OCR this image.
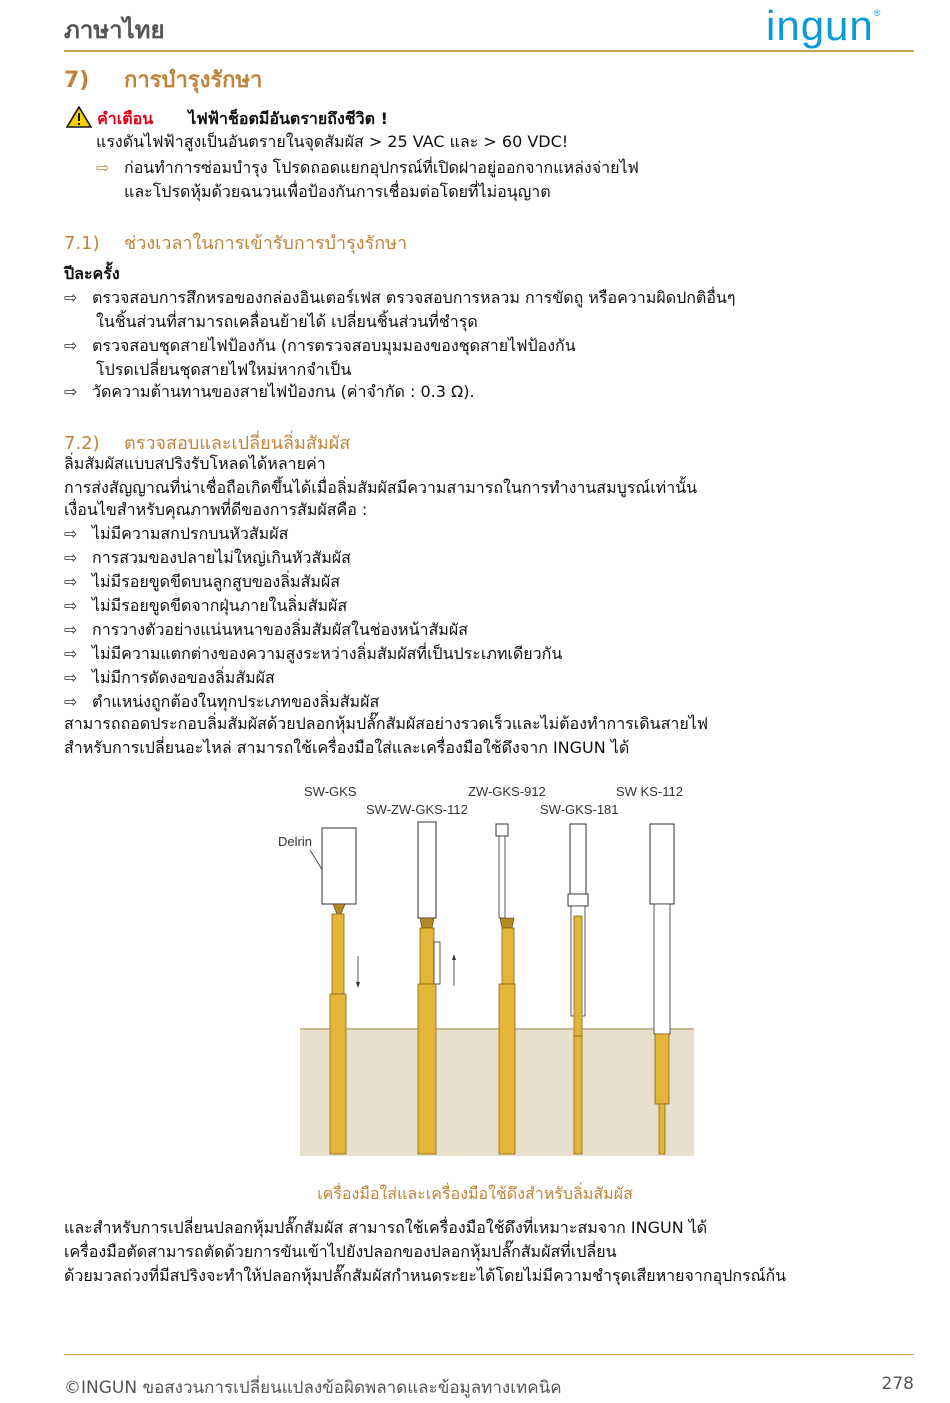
ภาษาไทย	ingun®
7) การบำรุงรักษา
คำเตือน ไฟฟ้าช็อตมีอันตรายถึงชีวิต !
แรงดันไฟฟ้าสูงเป็นอันตรายในจุดสัมผัส > 25 VAC และ > 60 VDC!
⇨ ก่อนทำการซ่อมบำรุง โปรดถอดแยกอุปกรณ์ที่เปิดฝาอยู่ออกจากแหล่งจ่ายไฟ
และโปรดหุ้มด้วยฉนวนเพื่อป้องกันการเชื่อมต่อโดยที่ไม่อนุญาต
7.1) ช่วงเวลาในการเข้ารับการบำรุงรักษา
ปีละครั้ง
⇨ ตรวจสอบการสึกหรอของกล่องอินเตอร์เฟส ตรวจสอบการหลวม การขัดถู หรือความผิดปกติอื่นๆ
ในชิ้นส่วนที่สามารถเคลื่อนย้ายได้ เปลี่ยนชิ้นส่วนที่ชำรุด
⇨ ตรวจสอบชุดสายไฟป้องกัน (การตรวจสอบมุมมองของชุดสายไฟป้องกัน
โปรดเปลี่ยนชุดสายไฟใหม่หากจำเป็น
⇨ วัดความต้านทานของสายไฟป้องกน (ค่าจำกัด : 0.3 Ω).
7.2) ตรวจสอบและเปลี่ยนลิ่มสัมผัส
ลิ่มสัมผัสแบบสปริงรับโหลดได้หลายค่า
การส่งสัญญาณที่น่าเชื่อถือเกิดขึ้นได้เมื่อลิ่มสัมผัสมีความสามารถในการทำงานสมบูรณ์เท่านั้น
เงื่อนไขสำหรับคุณภาพที่ดีของการสัมผัสคือ :
⇨ ไม่มีความสกปรกบนหัวสัมผัส
⇨ การสวมของปลายไม่ใหญ่เกินหัวสัมผัส
⇨ ไม่มีรอยขูดขีดบนลูกสูบของลิ่มสัมผัส
⇨ ไม่มีรอยขูดขีดจากฝุ่นภายในลิ่มสัมผัส
⇨ การวางตัวอย่างแน่นหนาของลิ่มสัมผัสในช่องหน้าสัมผัส
⇨ ไม่มีความแตกต่างของความสูงระหว่างลิ่มสัมผัสที่เป็นประเภทเดียวกัน
⇨ ไม่มีการดัดงอของลิ่มสัมผัส
⇨ ตำแหน่งถูกต้องในทุกประเภทของลิ่มสัมผัส
สามารถถอดประกอบลิ่มสัมผัสด้วยปลอกหุ้มปลั๊กสัมผัสอย่างรวดเร็วและไม่ต้องทำการเดินสายไฟ
สำหรับการเปลี่ยนอะไหล่ สามารถใช้เครื่องมือใส่และเครื่องมือใช้ดึงจาก INGUN ได้
SW-GKS
SW-ZW-GKS-112
ZW-GKS-912
SW-GKS-181
SW KS-112
Delrin
เครื่องมือใส่และเครื่องมือใช้ดึงสำหรับลิ่มสัมผัส
และสำหรับการเปลี่ยนปลอกหุ้มปลั๊กสัมผัส สามารถใช้เครื่องมือใช้ดึงที่เหมาะสมจาก INGUN ได้
เครื่องมือตัดสามารถตัดด้วยการขันเข้าไปยังปลอกของปลอกหุ้มปลั๊กสัมผัสที่เปลี่ยน
ด้วยมวลถ่วงที่มีสปริงจะทำให้ปลอกหุ้มปลั๊กสัมผัสกำหนดระยะได้โดยไม่มีความชำรุดเสียหายจากอุปกรณ์ก้น
©INGUN ขอสงวนการเปลี่ยนแปลงข้อผิดพลาดและข้อมูลทางเทคนิค	278
